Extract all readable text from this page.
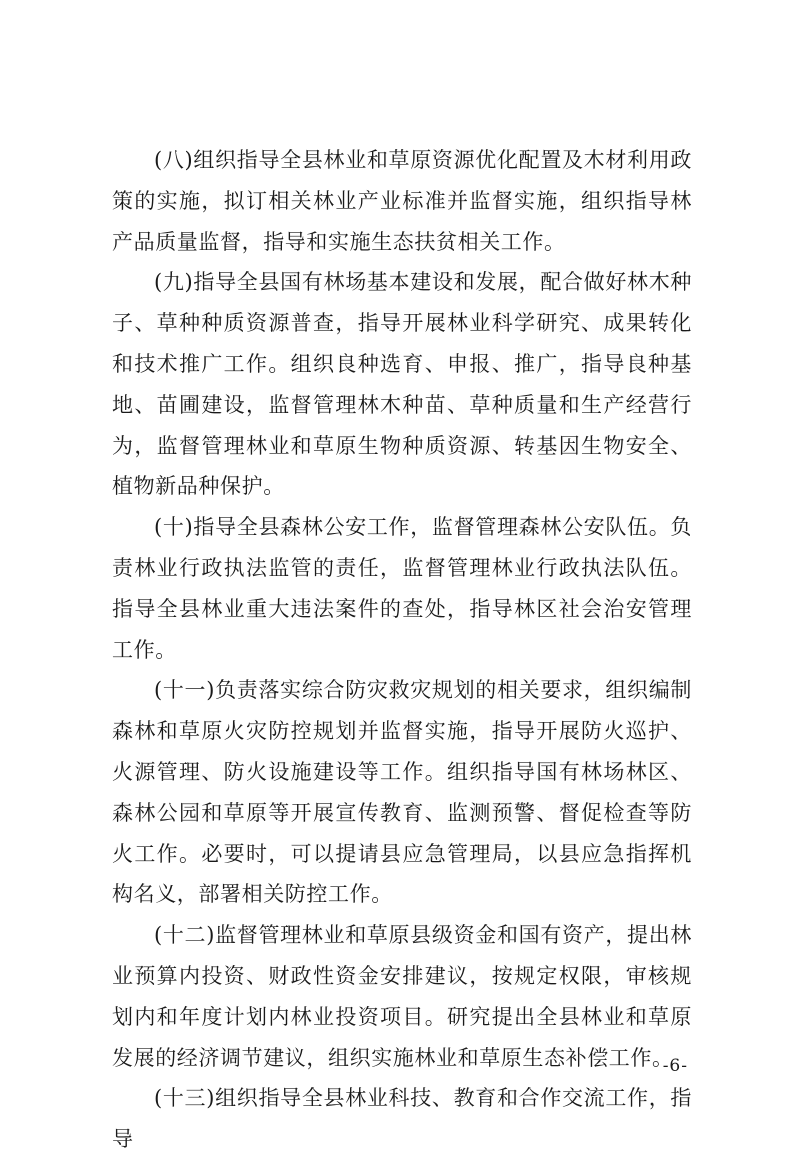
(八)组织指导全县林业和草原资源优化配置及木材利用政策的实施，拟订相关林业产业标准并监督实施，组织指导林产品质量监督，指导和实施生态扶贫相关工作。

(九)指导全县国有林场基本建设和发展，配合做好林木种子、草种种质资源普查，指导开展林业科学研究、成果转化和技术推广工作。组织良种选育、申报、推广，指导良种基地、苗圃建设，监督管理林木种苗、草种质量和生产经营行为，监督管理林业和草原生物种质资源、转基因生物安全、植物新品种保护。

(十)指导全县森林公安工作，监督管理森林公安队伍。负责林业行政执法监管的责任，监督管理林业行政执法队伍。指导全县林业重大违法案件的查处，指导林区社会治安管理工作。

(十一)负责落实综合防灾救灾规划的相关要求，组织编制森林和草原火灾防控规划并监督实施，指导开展防火巡护、火源管理、防火设施建设等工作。组织指导国有林场林区、森林公园和草原等开展宣传教育、监测预警、督促检查等防火工作。必要时，可以提请县应急管理局，以县应急指挥机构名义，部署相关防控工作。

(十二)监督管理林业和草原县级资金和国有资产，提出林业预算内投资、财政性资金安排建议，按规定权限，审核规划内和年度计划内林业投资项目。研究提出全县林业和草原发展的经济调节建议，组织实施林业和草原生态补偿工作。

(十三)组织指导全县林业科技、教育和合作交流工作，指导

-6-
